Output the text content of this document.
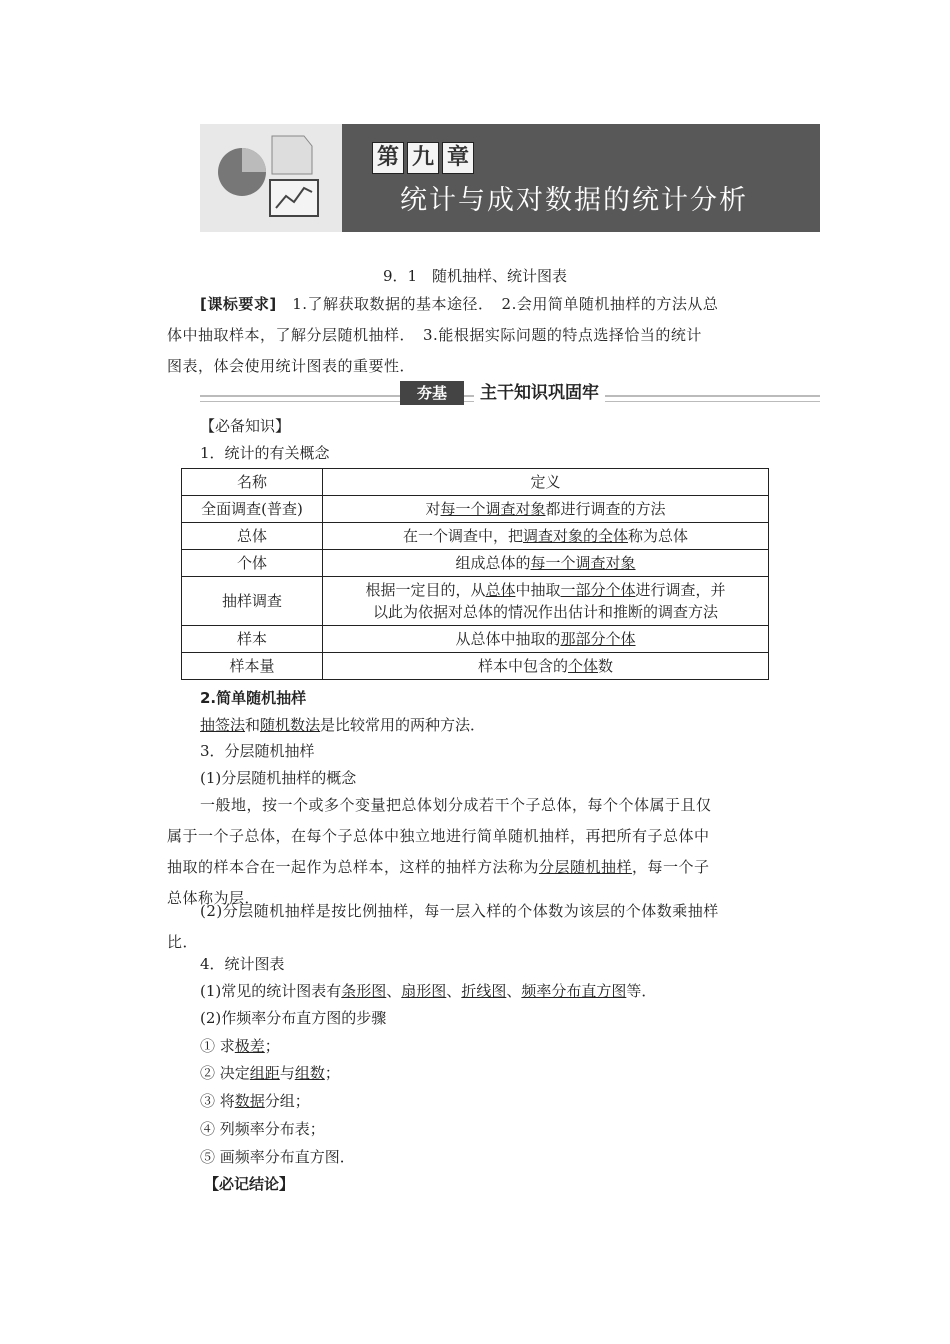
第 九 章
统计与成对数据的统计分析
9．1　随机抽样、统计图表
[课标要求]　 1.了解获取数据的基本途径．　2.会用简单随机抽样的方法从总
体中抽取样本，了解分层随机抽样．　3.能根据实际问题的特点选择恰当的统计
图表，体会使用统计图表的重要性．
夯基	主干知识巩固牢
【必备知识】
1．统计的有关概念
名称	定义
全面调查(普查)	对每一个调查对象都进行调查的方法
总体	在一个调查中，把调查对象的全体称为总体
个体	组成总体的每一个调查对象
抽样调查	根据一定目的，从总体中抽取一部分个体进行调查，并
以此为依据对总体的情况作出估计和推断的调查方法
样本	从总体中抽取的那部分个体
样本量	样本中包含的个体数
2.简单随机抽样
抽签法和随机数法是比较常用的两种方法．
3．分层随机抽样
(1)分层随机抽样的概念
一般地，按一个或多个变量把总体划分成若干个子总体，每个个体属于且仅
属于一个子总体，在每个子总体中独立地进行简单随机抽样，再把所有子总体中
抽取的样本合在一起作为总样本，这样的抽样方法称为分层随机抽样，每一个子
总体称为层．
(2)分层随机抽样是按比例抽样，每一层入样的个体数为该层的个体数乘抽样
比．
4．统计图表
(1)常见的统计图表有条形图、扇形图、折线图、频率分布直方图等．
(2)作频率分布直方图的步骤
① 求极差；
② 决定组距与组数；
③ 将数据分组；
④ 列频率分布表；
⑤ 画频率分布直方图．
【必记结论】
